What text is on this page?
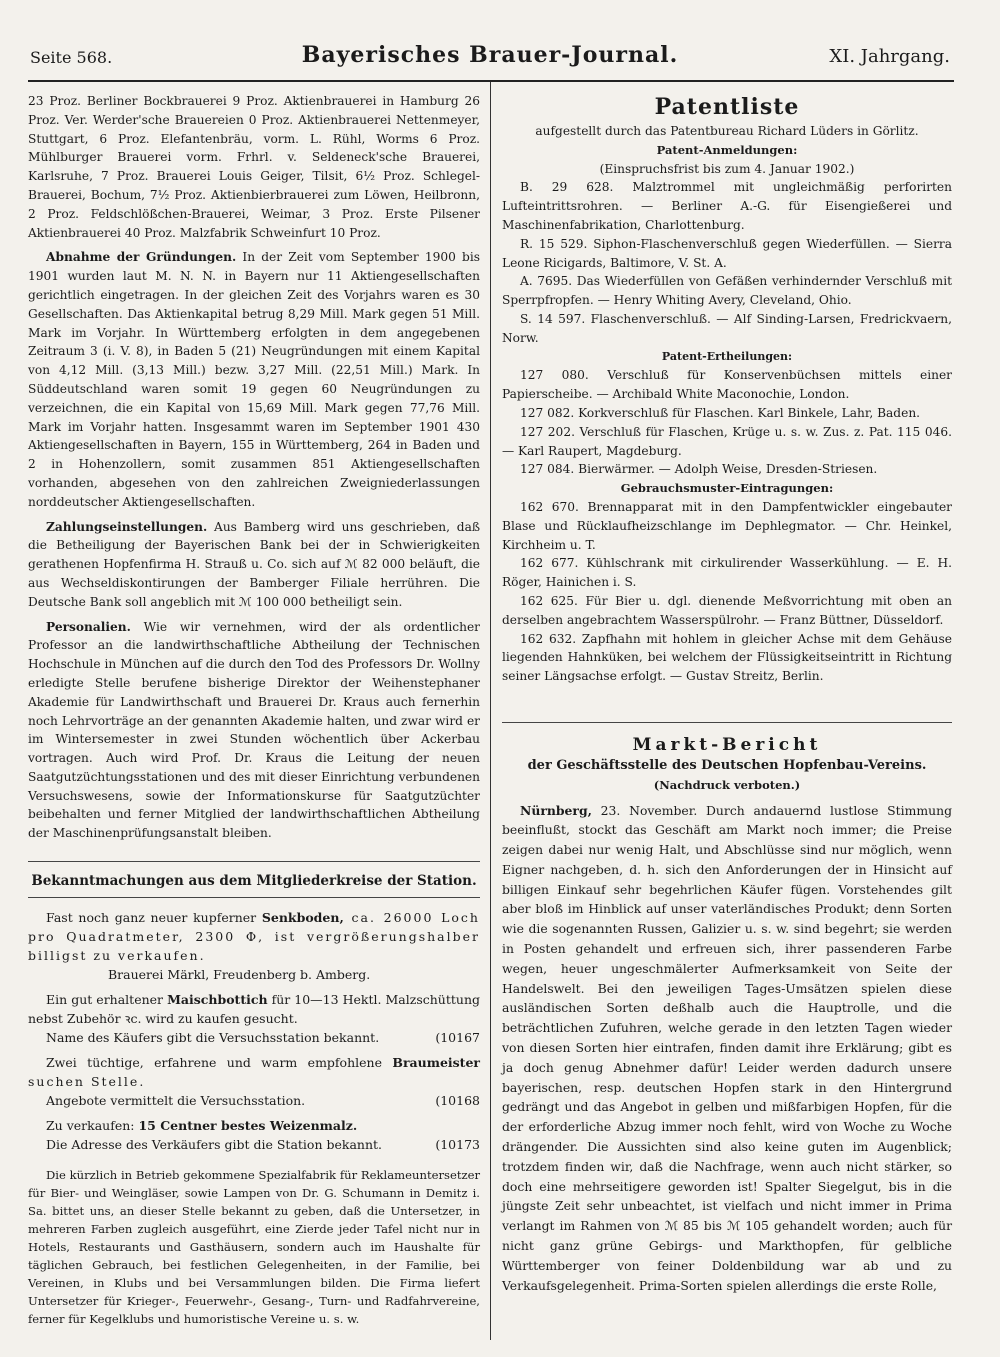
Seite 568.	Bayerisches Brauer-Journal.	XI. Jahrgang.

23 Proz. Berliner Bockbrauerei 9 Proz. Aktienbrauerei in Hamburg 26 Proz. Ver. Werder'sche Brauereien 0 Proz. Aktienbrauerei Nettenmeyer, Stuttgart, 6 Proz. Elefantenbräu, vorm. L. Rühl, Worms 6 Proz. Mühlburger Brauerei vorm. Frhrl. v. Seldeneck'sche Brauerei, Karlsruhe, 7 Proz. Brauerei Louis Geiger, Tilsit, 6½ Proz. Schlegel-Brauerei, Bochum, 7½ Proz. Aktienbierbrauerei zum Löwen, Heilbronn, 2 Proz. Feldschlößchen-Brauerei, Weimar, 3 Proz. Erste Pilsener Aktienbrauerei 40 Proz. Malzfabrik Schweinfurt 10 Proz.

Abnahme der Gründungen. In der Zeit vom September 1900 bis 1901 wurden laut M. N. N. in Bayern nur 11 Aktiengesellschaften gerichtlich eingetragen. In der gleichen Zeit des Vorjahrs waren es 30 Gesellschaften. Das Aktienkapital betrug 8,29 Mill. Mark gegen 51 Mill. Mark im Vorjahr. In Württemberg erfolgten in dem angegebenen Zeitraum 3 (i. V. 8), in Baden 5 (21) Neugründungen mit einem Kapital von 4,12 Mill. (3,13 Mill.) bezw. 3,27 Mill. (22,51 Mill.) Mark. In Süddeutschland waren somit 19 gegen 60 Neugründungen zu verzeichnen, die ein Kapital von 15,69 Mill. Mark gegen 77,76 Mill. Mark im Vorjahr hatten. Insgesammt waren im September 1901 430 Aktiengesellschaften in Bayern, 155 in Württemberg, 264 in Baden und 2 in Hohenzollern, somit zusammen 851 Aktiengesellschaften vorhanden, abgesehen von den zahlreichen Zweigniederlassungen norddeutscher Aktiengesellschaften.

Zahlungseinstellungen. Aus Bamberg wird uns geschrieben, daß die Betheiligung der Bayerischen Bank bei der in Schwierigkeiten gerathenen Hopfenfirma H. Strauß u. Co. sich auf ℳ 82 000 beläuft, die aus Wechseldiskontirungen der Bamberger Filiale herrühren. Die Deutsche Bank soll angeblich mit ℳ 100 000 betheiligt sein.

Personalien. Wie wir vernehmen, wird der als ordentlicher Professor an die landwirthschaftliche Abtheilung der Technischen Hochschule in München auf die durch den Tod des Professors Dr. Wollny erledigte Stelle berufene bisherige Direktor der Weihenstephaner Akademie für Landwirthschaft und Brauerei Dr. Kraus auch fernerhin noch Lehrvorträge an der genannten Akademie halten, und zwar wird er im Wintersemester in zwei Stunden wöchentlich über Ackerbau vortragen. Auch wird Prof. Dr. Kraus die Leitung der neuen Saatgutzüchtungsstationen und des mit dieser Einrichtung verbundenen Versuchswesens, sowie der Informationskurse für Saatgutzüchter beibehalten und ferner Mitglied der landwirthschaftlichen Abtheilung der Maschinenprüfungsanstalt bleiben.

Bekanntmachungen aus dem Mitgliederkreise der Station.

Fast noch ganz neuer kupferner Senkboden, ca. 26000 Loch pro Quadratmeter, 2300 Φ, ist vergrößerungshalber billigst zu verkaufen.

Brauerei Märkl, Freudenberg b. Amberg.

Ein gut erhaltener Maischbottich für 10—13 Hektl. Malzschüttung nebst Zubehör ꝛc. wird zu kaufen gesucht.

Name des Käufers gibt die Versuchsstation bekannt.	(10167

Zwei tüchtige, erfahrene und warm empfohlene Braumeister suchen Stelle.

Angebote vermittelt die Versuchsstation.	(10168

Zu verkaufen: 15 Centner bestes Weizenmalz.

Die Adresse des Verkäufers gibt die Station bekannt.	(10173

Die kürzlich in Betrieb gekommene Spezialfabrik für Reklameuntersetzer für Bier- und Weingläser, sowie Lampen von Dr. G. Schumann in Demitz i. Sa. bittet uns, an dieser Stelle bekannt zu geben, daß die Untersetzer, in mehreren Farben zugleich ausgeführt, eine Zierde jeder Tafel nicht nur in Hotels, Restaurants und Gasthäusern, sondern auch im Haushalte für täglichen Gebrauch, bei festlichen Gelegenheiten, in der Familie, bei Vereinen, in Klubs und bei Versammlungen bilden. Die Firma liefert Untersetzer für Krieger-, Feuerwehr-, Gesang-, Turn- und Radfahrvereine, ferner für Kegelklubs und humoristische Vereine u. s. w.

Patentliste

aufgestellt durch das Patentbureau Richard Lüders in Görlitz.

Patent-Anmeldungen:

(Einspruchsfrist bis zum 4. Januar 1902.)

B. 29 628. Malztrommel mit ungleichmäßig perforirten Lufteintrittsrohren. — Berliner A.-G. für Eisengießerei und Maschinenfabrikation, Charlottenburg.

R. 15 529. Siphon-Flaschenverschluß gegen Wiederfüllen. — Sierra Leone Ricigards, Baltimore, V. St. A.

A. 7695. Das Wiederfüllen von Gefäßen verhindernder Verschluß mit Sperrpfropfen. — Henry Whiting Avery, Cleveland, Ohio.

S. 14 597. Flaschenverschluß. — Alf Sinding-Larsen, Fredrickvaern, Norw.

Patent-Ertheilungen:

127 080. Verschluß für Konservenbüchsen mittels einer Papierscheibe. — Archibald White Maconochie, London.

127 082. Korkverschluß für Flaschen. Karl Binkele, Lahr, Baden.

127 202. Verschluß für Flaschen, Krüge u. s. w. Zus. z. Pat. 115 046. — Karl Raupert, Magdeburg.

127 084. Bierwärmer. — Adolph Weise, Dresden-Striesen.

Gebrauchsmuster-Eintragungen:

162 670. Brennapparat mit in den Dampfentwickler eingebauter Blase und Rücklaufheizschlange im Dephlegmator. — Chr. Heinkel, Kirchheim u. T.

162 677. Kühlschrank mit cirkulirender Wasserkühlung. — E. H. Röger, Hainichen i. S.

162 625. Für Bier u. dgl. dienende Meßvorrichtung mit oben an derselben angebrachtem Wasserspülrohr. — Franz Büttner, Düsseldorf.

162 632. Zapfhahn mit hohlem in gleicher Achse mit dem Gehäuse liegenden Hahnküken, bei welchem der Flüssigkeitseintritt in Richtung seiner Längsachse erfolgt. — Gustav Streitz, Berlin.

Markt-Bericht
der Geschäftsstelle des Deutschen Hopfenbau-Vereins.

(Nachdruck verboten.)

Nürnberg, 23. November. Durch andauernd lustlose Stimmung beeinflußt, stockt das Geschäft am Markt noch immer; die Preise zeigen dabei nur wenig Halt, und Abschlüsse sind nur möglich, wenn Eigner nachgeben, d. h. sich den Anforderungen der in Hinsicht auf billigen Einkauf sehr begehrlichen Käufer fügen. Vorstehendes gilt aber bloß im Hinblick auf unser vaterländisches Produkt; denn Sorten wie die sogenannten Russen, Galizier u. s. w. sind begehrt; sie werden in Posten gehandelt und erfreuen sich, ihrer passenderen Farbe wegen, heuer ungeschmälerter Aufmerksamkeit von Seite der Handelswelt. Bei den jeweiligen Tages-Umsätzen spielen diese ausländischen Sorten deßhalb auch die Hauptrolle, und die beträchtlichen Zufuhren, welche gerade in den letzten Tagen wieder von diesen Sorten hier eintrafen, finden damit ihre Erklärung; gibt es ja doch genug Abnehmer dafür! Leider werden dadurch unsere bayerischen, resp. deutschen Hopfen stark in den Hintergrund gedrängt und das Angebot in gelben und mißfarbigen Hopfen, für die der erforderliche Abzug immer noch fehlt, wird von Woche zu Woche drängender. Die Aussichten sind also keine guten im Augenblick; trotzdem finden wir, daß die Nachfrage, wenn auch nicht stärker, so doch eine mehrseitigere geworden ist! Spalter Siegelgut, bis in die jüngste Zeit sehr unbeachtet, ist vielfach und nicht immer in Prima verlangt im Rahmen von ℳ 85 bis ℳ 105 gehandelt worden; auch für nicht ganz grüne Gebirgs- und Markthopfen, für gelbliche Württemberger von feiner Doldenbildung war ab und zu Verkaufsgelegenheit. Prima-Sorten spielen allerdings die erste Rolle,
